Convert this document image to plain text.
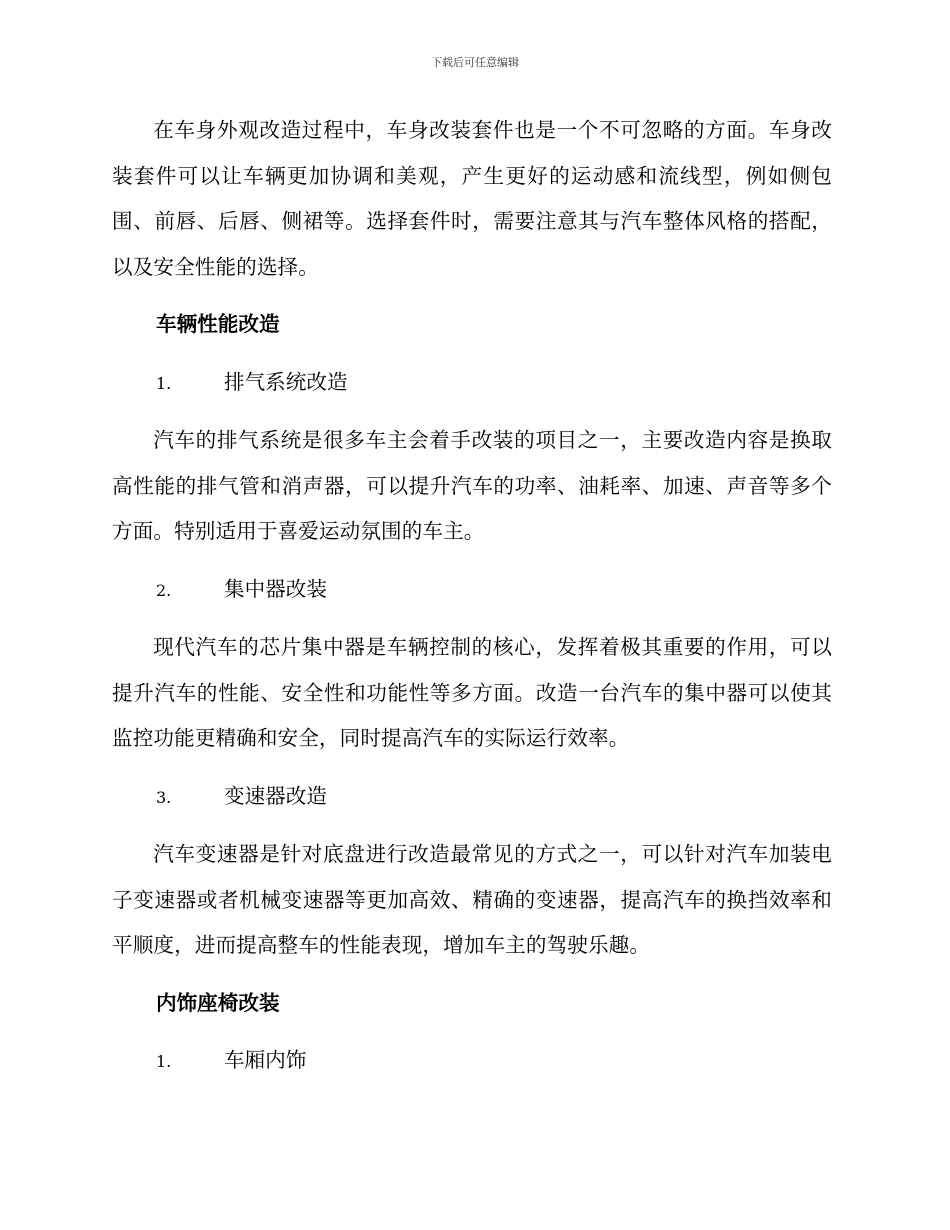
下载后可任意编辑

在车身外观改造过程中，车身改装套件也是一个不可忽略的方面。车身改装套件可以让车辆更加协调和美观，产生更好的运动感和流线型，例如侧包围、前唇、后唇、侧裙等。选择套件时，需要注意其与汽车整体风格的搭配，以及安全性能的选择。

车辆性能改造
1.	排气系统改造

汽车的排气系统是很多车主会着手改装的项目之一，主要改造内容是换取高性能的排气管和消声器，可以提升汽车的功率、油耗率、加速、声音等多个方面。特别适用于喜爱运动氛围的车主。

2.	集中器改装

现代汽车的芯片集中器是车辆控制的核心，发挥着极其重要的作用，可以提升汽车的性能、安全性和功能性等多方面。改造一台汽车的集中器可以使其监控功能更精确和安全，同时提高汽车的实际运行效率。

3.	变速器改造

汽车变速器是针对底盘进行改造最常见的方式之一，可以针对汽车加装电子变速器或者机械变速器等更加高效、精确的变速器，提高汽车的换挡效率和平顺度，进而提高整车的性能表现，增加车主的驾驶乐趣。

内饰座椅改装
1.	车厢内饰
